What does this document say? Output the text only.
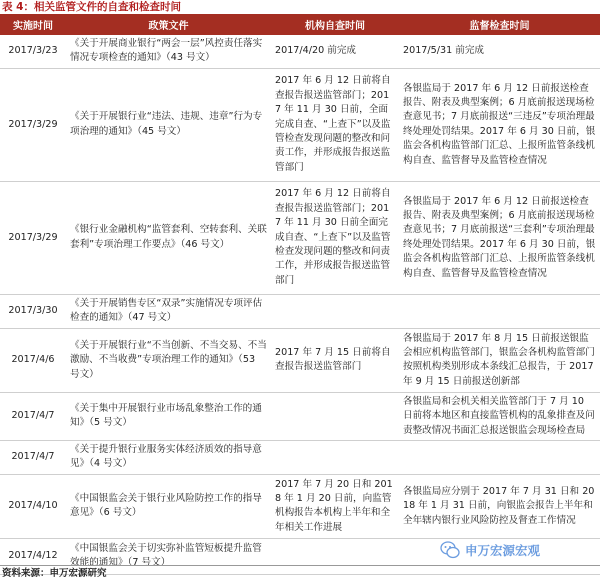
表 4：相关监管文件的自查和检查时间
实施时间	政策文件	机构自查时间	监督检查时间
2017/3/23	《关于开展商业银行“两会一层”风控责任落实情况专项检查的通知》（43 号文）	2017/4/20 前完成	2017/5/31 前完成
2017/3/29	《关于开展银行业“违法、违规、违章”行为专项治理的通知》（45 号文）	2017 年 6 月 12 日前将自查报告报送监管部门；2017 年 11 月 30 日前，全面完成自查、“上查下”以及监管检查发现问题的整改和问责工作，并形成报告报送监管部门	各银监局于 2017 年 6 月 12 日前报送检查报告、附表及典型案例；6 月底前报送现场检查意见书；7 月底前报送“三违反”专项治理最终处理处罚结果。2017 年 6 月 30 日前，银监会各机构监管部门汇总、上报所监管条线机构自查、监管督导及监管检查情况
2017/3/29	《银行业金融机构“监管套利、空转套利、关联套利”专项治理工作要点》（46 号文）	2017 年 6 月 12 日前将自查报告报送监管部门；2017 年 11 月 30 日前全面完成自查、“上查下”以及监管检查发现问题的整改和问责工作，并形成报告报送监管部门	各银监局于 2017 年 6 月 12 日前报送检查报告、附表及典型案例；6 月底前报送现场检查意见书；7 月底前报送“三套利”专项治理最终处理处罚结果。2017 年 6 月 30 日前，银监会各机构监管部门汇总、上报所监管条线机构自查、监管督导及监管检查情况
2017/3/30	《关于开展销售专区“双录”实施情况专项评估检查的通知》（47 号文）		
2017/4/6	《关于开展银行业“不当创新、不当交易、不当激励、不当收费”专项治理工作的通知》（53 号文）	2017 年 7 月 15 日前将自查报告报送监管部门	各银监局于 2017 年 8 月 15 日前报送银监会相应机构监管部门，银监会各机构监管部门按照机构类别形成本条线汇总报告，于 2017 年 9 月 15 日前报送创新部
2017/4/7	《关于集中开展银行业市场乱象整治工作的通知》（5 号文）		各银监局和会机关相关监管部门于 7 月 10 日前将本地区和直接监管机构的乱象排查及问责整改情况书面汇总报送银监会现场检查局
2017/4/7	《关于提升银行业服务实体经济质效的指导意见》（4 号文）		
2017/4/10	《中国银监会关于银行业风险防控工作的指导意见》（6 号文）	2017 年 7 月 20 日和 2018 年 1 月 20 日前，向监管机构报告本机构上半年和全年相关工作进展	各银监局应分别于 2017 年 7 月 31 日和 2018 年 1 月 31 日前，向银监会报告上半年和全年辖内银行业风险防控及督查工作情况
2017/4/12	《中国银监会关于切实弥补监管短板提升监管效能的通知》（7 号文）		
申万宏源宏观
资料来源：申万宏源研究
